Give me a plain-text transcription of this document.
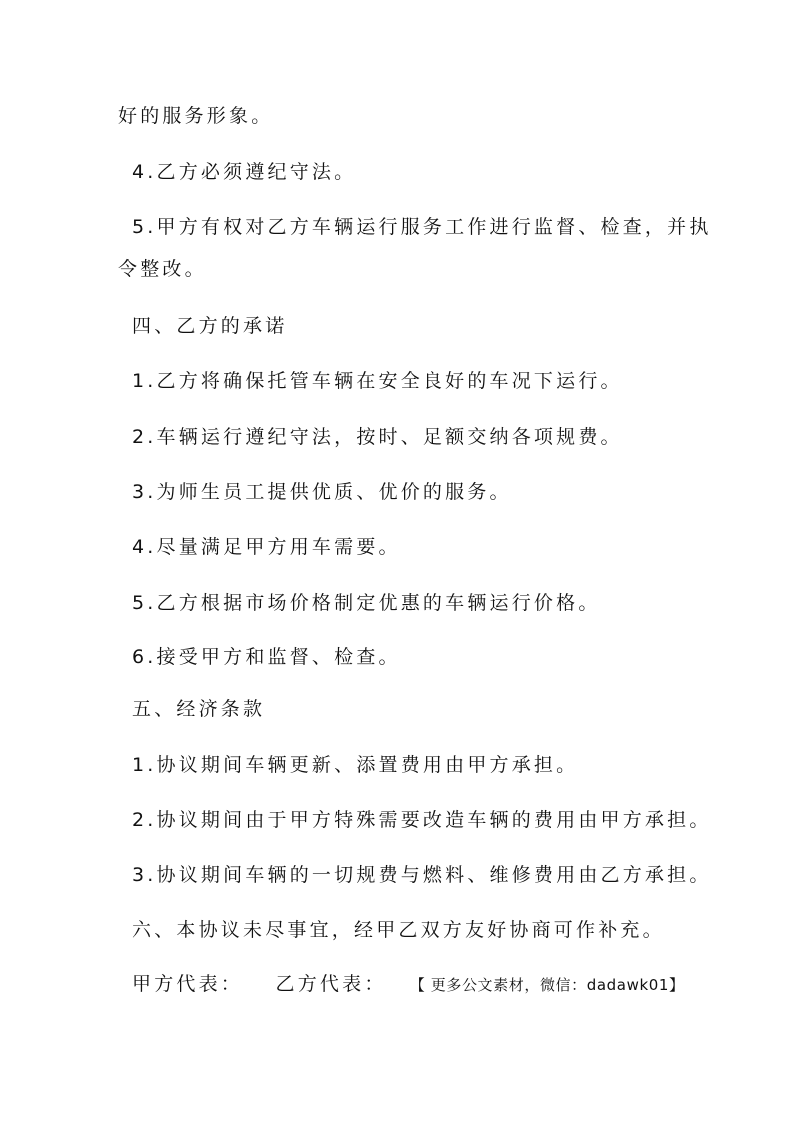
好的服务形象。
4.乙方必须遵纪守法。
5.甲方有权对乙方车辆运行服务工作进行监督、检查，并执
令整改。
四、乙方的承诺
1.乙方将确保托管车辆在安全良好的车况下运行。
2.车辆运行遵纪守法，按时、足额交纳各项规费。
3.为师生员工提供优质、优价的服务。
4.尽量满足甲方用车需要。
5.乙方根据市场价格制定优惠的车辆运行价格。
6.接受甲方和监督、检查。
五、经济条款
1.协议期间车辆更新、添置费用由甲方承担。
2.协议期间由于甲方特殊需要改造车辆的费用由甲方承担。
3.协议期间车辆的一切规费与燃料、维修费用由乙方承担。
六、本协议未尽事宜，经甲乙双方友好协商可作补充。
甲方代表： 乙方代表： 【 更多公文素材，微信：dadawk01】
